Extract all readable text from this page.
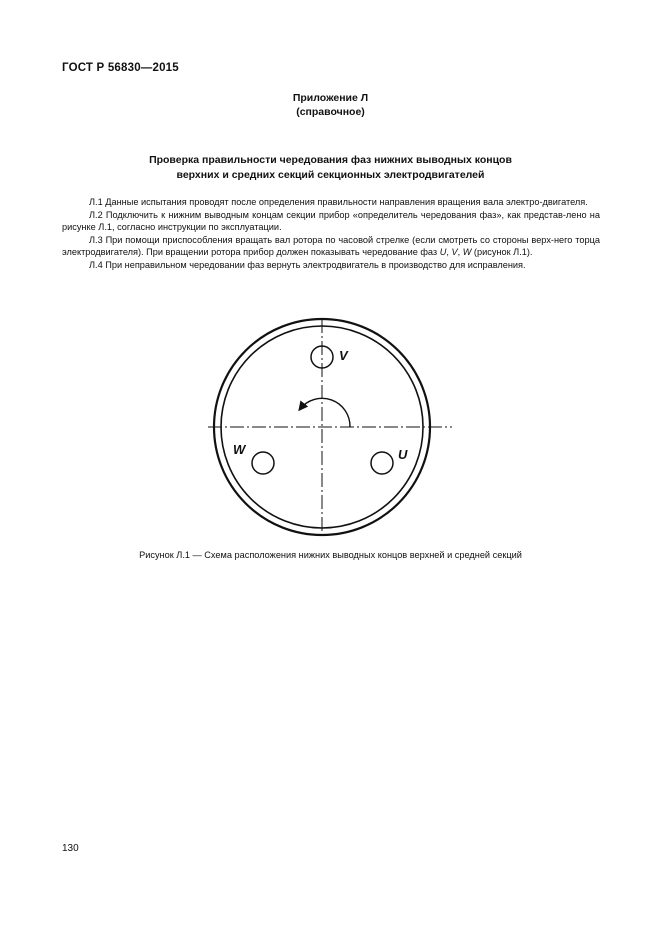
ГОСТ Р 56830—2015
Приложение Л
(справочное)
Проверка правильности чередования фаз нижних выводных концов
верхних и средних секций секционных электродвигателей

Л.1 Данные испытания проводят после определения правильности направления вращения вала электро-двигателя.

Л.2 Подключить к нижним выводным концам секции прибор «определитель чередования фаз», как представ-лено на рисунке Л.1, согласно инструкции по эксплуатации.

Л.3 При помощи приспособления вращать вал ротора по часовой стрелке (если смотреть со стороны верх-него торца электродвигателя). При вращении ротора прибор должен показывать чередование фаз U, V, W (рисунок Л.1).

Л.4 При неправильном чередовании фаз вернуть электродвигатель в производство для исправления.

V
W	U
Рисунок Л.1 — Схема расположения нижних выводных концов верхней и средней секций
130
